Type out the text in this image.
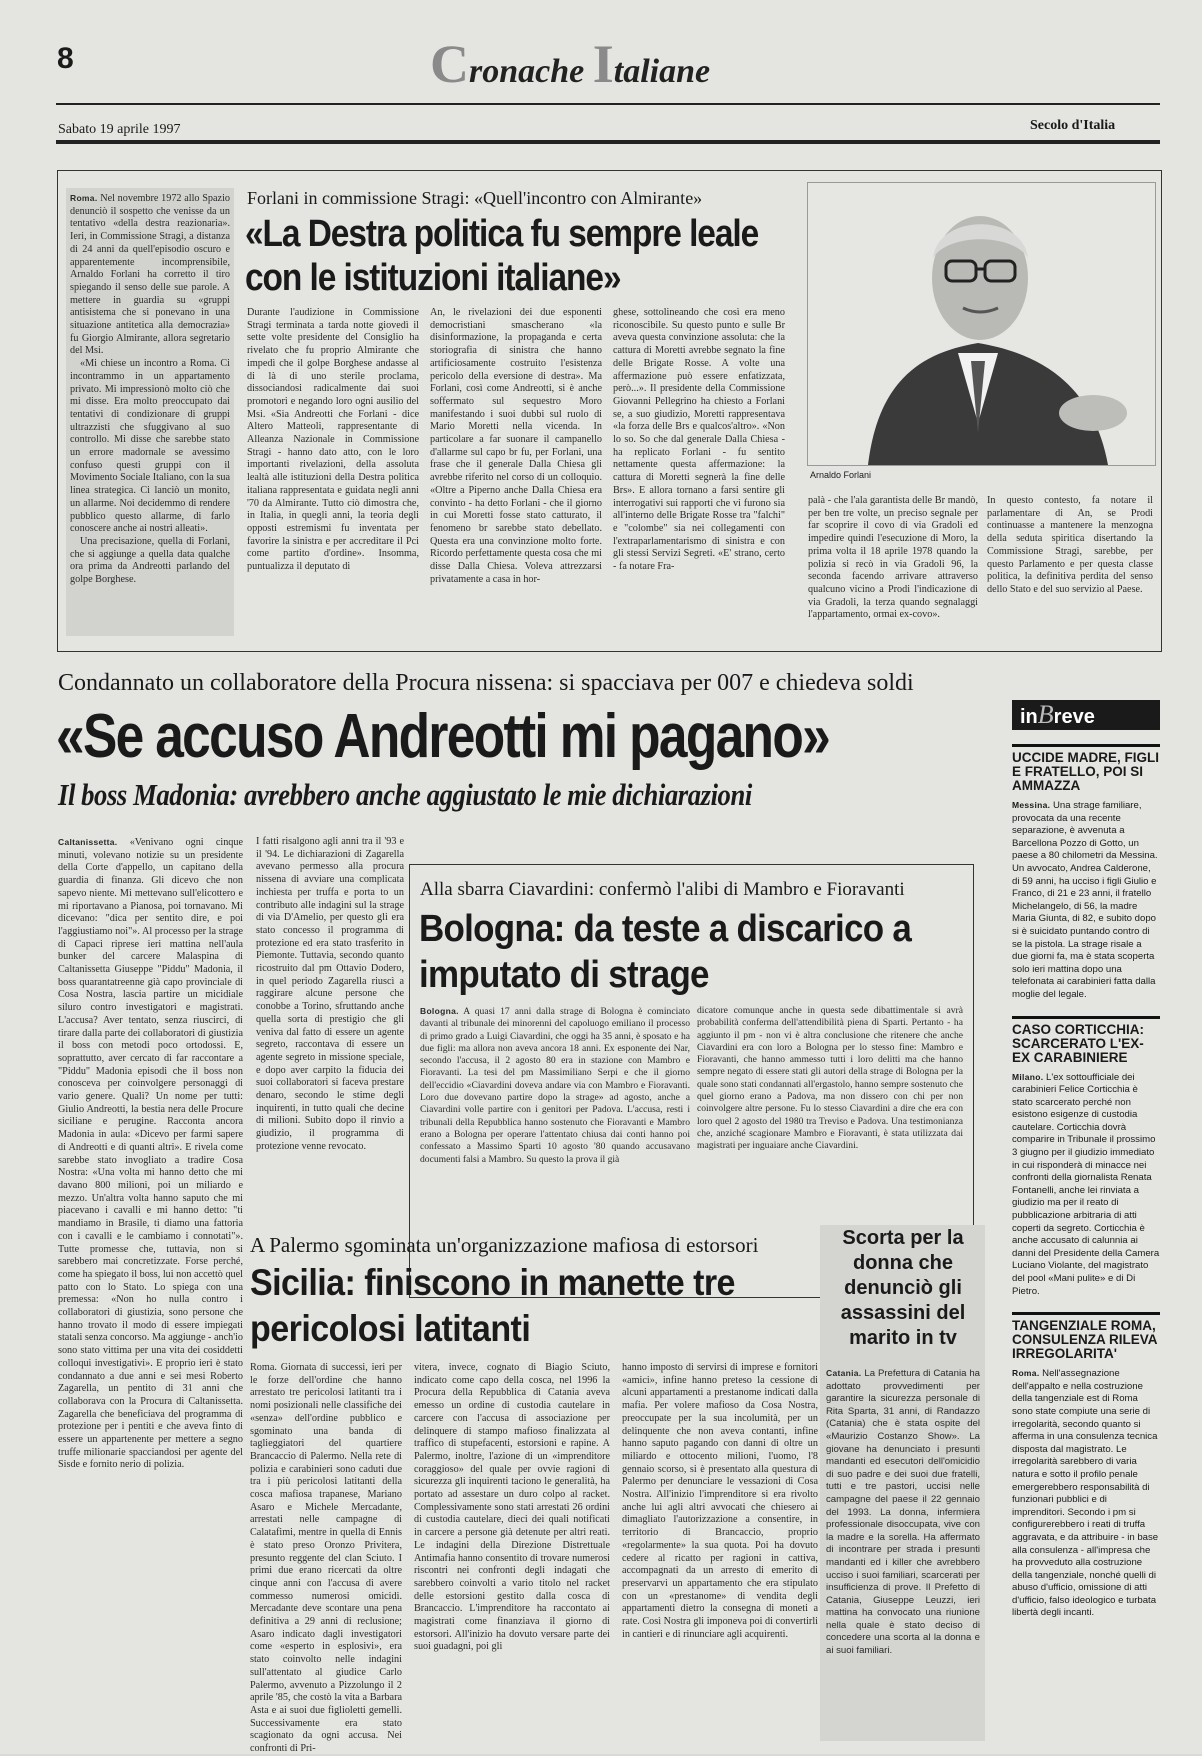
8	Cronache Italiane
Sabato 19 aprile 1997	Secolo d'Italia

Roma. Nel novembre 1972 allo Spazio denunciò il sospetto che venisse da un tentativo «della destra reazionaria». Ieri, in Commissione Stragi, a distanza di 24 anni da quell'episodio oscuro e apparentemente incomprensibile, Arnaldo Forlani ha corretto il tiro spiegando il senso delle sue parole. A mettere in guardia su «gruppi antisistema che si ponevano in una situazione antitetica alla democrazia» fu Giorgio Almirante, allora segretario del Msi.

«Mi chiese un incontro a Roma. Ci incontrammo in un appartamento privato. Mi impressionò molto ciò che mi disse. Era molto preoccupato dai tentativi di condizionare di gruppi ultrazzisti che sfuggivano al suo controllo. Mi disse che sarebbe stato un errore madornale se avessimo confuso questi gruppi con il Movimento Sociale Italiano, con la sua linea strategica. Ci lanciò un monito, un allarme. Noi decidemmo di rendere pubblico questo allarme, di farlo conoscere anche ai nostri alleati».

Una precisazione, quella di Forlani, che si aggiunge a quella data qualche ora prima da Andreotti parlando del golpe Borghese.

Forlani in commissione Stragi: «Quell'incontro con Almirante»
«La Destra politica fu sempre leale con le istituzioni italiane»
Durante l'audizione in Commissione Stragi terminata a tarda notte giovedì il sette volte presidente del Consiglio ha rivelato che fu proprio Almirante che impedì che il golpe Borghese andasse al di là di uno sterile proclama, dissociandosi radicalmente dai suoi promotori e negando loro ogni ausilio del Msi. «Sia Andreotti che Forlani - dice Altero Matteoli, rappresentante di Alleanza Nazionale in Commissione Stragi - hanno dato atto, con le loro importanti rivelazioni, della assoluta lealtà alle istituzioni della Destra politica italiana rappresentata e guidata negli anni '70 da Almirante. Tutto ciò dimostra che, in Italia, in quegli anni, la teoria degli opposti estremismi fu inventata per favorire la sinistra e per accreditare il Pci come partito d'ordine». Insomma, puntualizza il deputato di
An, le rivelazioni dei due esponenti democristiani smascherano «la disinformazione, la propaganda e certa storiografia di sinistra che hanno artificiosamente costruito l'esistenza pericolo della eversione di destra». Ma Forlani, così come Andreotti, si è anche soffermato sul sequestro Moro manifestando i suoi dubbi sul ruolo di Mario Moretti nella vicenda. In particolare a far suonare il campanello d'allarme sul capo br fu, per Forlani, una frase che il generale Dalla Chiesa gli avrebbe riferito nel corso di un colloquio. «Oltre a Piperno anche Dalla Chiesa era convinto - ha detto Forlani - che il giorno in cui Moretti fosse stato catturato, il fenomeno br sarebbe stato debellato. Questa era una convinzione molto forte. Ricordo perfettamente questa cosa che mi disse Dalla Chiesa. Voleva attrezzarsi privatamente a casa in hor-
ghese, sottolineando che così era meno riconoscibile. Su questo punto e sulle Br aveva questa convinzione assoluta: che la cattura di Moretti avrebbe segnato la fine delle Brigate Rosse. A volte una affermazione può essere enfatizzata, però...». Il presidente della Commissione Giovanni Pellegrino ha chiesto a Forlani se, a suo giudizio, Moretti rappresentava «la forza delle Brs e qualcos'altro». «Non lo so. So che dal generale Dalla Chiesa - ha replicato Forlani - fu sentito nettamente questa affermazione: la cattura di Moretti segnerà la fine delle Brs». E allora tornano a farsi sentire gli interrogativi sui rapporti che vi furono sia all'interno delle Brigate Rosse tra "falchi" e "colombe" sia nei collegamenti con l'extraparlamentarismo di sinistra e con gli stessi Servizi Segreti. «E' strano, certo - fa notare Fra-
Arnaldo Forlani
palà - che l'ala garantista delle Br mandò, per ben tre volte, un preciso segnale per far scoprire il covo di via Gradoli ed impedire quindi l'esecuzione di Moro, la prima volta il 18 aprile 1978 quando la polizia si recò in via Gradoli 96, la seconda facendo arrivare attraverso qualcuno vicino a Prodi l'indicazione di via Gradoli, la terza quando segnalaggi l'appartamento, ormai ex-covo».
In questo contesto, fa notare il parlamentare di An, se Prodi continuasse a mantenere la menzogna della seduta spiritica disertando la Commissione Stragi, sarebbe, per questo Parlamento e per questa classe politica, la definitiva perdita del senso dello Stato e del suo servizio al Paese.
Condannato un collaboratore della Procura nissena: si spacciava per 007 e chiedeva soldi
«Se accuso Andreotti mi pagano»
Il boss Madonia: avrebbero anche aggiustato le mie dichiarazioni

Caltanissetta. «Venivano ogni cinque minuti, volevano notizie su un presidente della Corte d'appello, un capitano della guardia di finanza. Gli dicevo che non sapevo niente. Mi mettevano sull'elicottero e mi riportavano a Pianosa, poi tornavano. Mi dicevano: "dica per sentito dire, e poi l'aggiustiamo noi"». Al processo per la strage di Capaci riprese ieri mattina nell'aula bunker del carcere Malaspina di Caltanissetta Giuseppe "Piddu" Madonia, il boss quarantatreenne già capo provinciale di Cosa Nostra, lascia partire un micidiale siluro contro investigatori e magistrati. L'accusa? Aver tentato, senza riuscirci, di tirare dalla parte dei collaboratori di giustizia il boss con metodi poco ortodossi. E, soprattutto, aver cercato di far raccontare a "Piddu" Madonia episodi che il boss non conosceva per coinvolgere personaggi di vario genere. Quali? Un nome per tutti: Giulio Andreotti, la bestia nera delle Procure siciliane e perugine. Racconta ancora Madonia in aula: «Dicevo per farmi sapere di Andreotti e di quanti altri». E rivela come sarebbe stato invogliato a tradire Cosa Nostra: «Una volta mi hanno detto che mi davano 800 milioni, poi un miliardo e mezzo. Un'altra volta hanno saputo che mi piacevano i cavalli e mi hanno detto: "ti mandiamo in Brasile, ti diamo una fattoria con i cavalli e le cambiamo i connotati"». Tutte promesse che, tuttavia, non si sarebbero mai concretizzate. Forse perché, come ha spiegato il boss, lui non accettò quel patto con lo Stato. Lo spiega con una premessa: «Non ho nulla contro i collaboratori di giustizia, sono persone che hanno trovato il modo di essere impiegati statali senza concorso. Ma aggiunge - anch'io sono stato vittima per una vita dei cosiddetti colloqui investigativi». E proprio ieri è stato condannato a due anni e sei mesi Roberto Zagarella, un pentito di 31 anni che collaborava con la Procura di Caltanissetta. Zagarella che beneficiava del programma di protezione per i pentiti e che aveva finto di essere un appartenente per mettere a segno truffe milionarie spacciandosi per agente del Sisde e fornito nerio di polizia.

I fatti risalgono agli anni tra il '93 e il '94. Le dichiarazioni di Zagarella avevano permesso alla procura nissena di avviare una complicata inchiesta per truffa e porta to un contributo alle indagini sul la strage di via D'Amelio, per questo gli era stato concesso il programma di protezione ed era stato trasferito in Piemonte. Tuttavia, secondo quanto ricostruito dal pm Ottavio Dodero, in quel periodo Zagarella riuscì a raggirare alcune persone che conobbe a Torino, sfruttando anche quella sorta di prestigio che gli veniva dal fatto di essere un agente segreto, raccontava di essere un agente segreto in missione speciale, e dopo aver carpito la fiducia dei suoi collaboratori si faceva prestare denaro, secondo le stime degli inquirenti, in tutto quali che decine di milioni. Subito dopo il rinvio a giudizio, il programma di protezione venne revocato.
Alla sbarra Ciavardini: confermò l'alibi di Mambro e Fioravanti
Bologna: da teste a discarico a imputato di strage

Bologna. A quasi 17 anni dalla strage di Bologna è cominciato davanti al tribunale dei minorenni del capoluogo emiliano il processo di primo grado a Luigi Ciavardini, che oggi ha 35 anni, è sposato e ha due figli: ma allora non aveva ancora 18 anni. Ex esponente dei Nar, secondo l'accusa, il 2 agosto 80 era in stazione con Mambro e Fioravanti. La tesi del pm Massimiliano Serpi e che il giorno dell'eccidio «Ciavardini doveva andare via con Mambro e Fioravanti. Loro due dovevano partire dopo la strage» ad agosto, anche a Ciavardini volle partire con i genitori per Padova. L'accusa, resti i tribunali della Repubblica hanno sostenuto che Fioravanti e Mambro erano a Bologna per operare l'attentato chiusa dai conti hanno poi confessato a Massimo Sparti 10 agosto '80 quando accusavano documenti falsi a Mambro. Su questo la prova il già

dicatore comunque anche in questa sede dibattimentale si avrà probabilità conferma dell'attendibilità piena di Sparti. Pertanto - ha aggiunto il pm - non vi è altra conclusione che ritenere che anche Ciavardini era con loro a Bologna per lo stesso fine: Mambro e Fioravanti, che hanno ammesso tutti i loro delitti ma che hanno sempre negato di essere stati gli autori della strage di Bologna per la quale sono stati condannati all'ergastolo, hanno sempre sostenuto che quel giorno erano a Padova, ma non dissero con chi per non coinvolgere altre persone. Fu lo stesso Ciavardini a dire che era con loro quel 2 agosto del 1980 tra Treviso e Padova. Una testimonianza che, anziché scagionare Mambro e Fioravanti, è stata utilizzata dai magistrati per inguaiare anche Ciavardini.
A Palermo sgominata un'organizzazione mafiosa di estorsori
Sicilia: finiscono in manette tre pericolosi latitanti
Roma. Giornata di successi, ieri per le forze dell'ordine che hanno arrestato tre pericolosi latitanti tra i nomi posizionali nelle classifiche dei «senza» dell'ordine pubblico e sgominato una banda di taglieggiatori del quartiere Brancaccio di Palermo. Nella rete di polizia e carabinieri sono caduti due tra i più pericolosi latitanti della cosca mafiosa trapanese, Mariano Asaro e Michele Mercadante, arrestati nelle campagne di Calatafimi, mentre in quella di Ennis è stato preso Oronzo Privitera, presunto reggente del clan Sciuto. I primi due erano ricercati da oltre cinque anni con l'accusa di avere commesso numerosi omicidi. Mercadante deve scontare una pena definitiva a 29 anni di reclusione; Asaro indicato dagli investigatori come «esperto in esplosivi», era stato coinvolto nelle indagini sull'attentato al giudice Carlo Palermo, avvenuto a Pizzolungo il 2 aprile '85, che costò la vita a Barbara Asta e ai suoi due figlioletti gemelli. Successivamente era stato scagionato da ogni accusa. Nei confronti di Pri-
vitera, invece, cognato di Biagio Sciuto, indicato come capo della cosca, nel 1996 la Procura della Repubblica di Catania aveva emesso un ordine di custodia cautelare in carcere con l'accusa di associazione per delinquere di stampo mafioso finalizzata al traffico di stupefacenti, estorsioni e rapine. A Palermo, inoltre, l'azione di un «imprenditore coraggioso» del quale per ovvie ragioni di sicurezza gli inquirenti taciono le generalità, ha portato ad assestare un duro colpo al racket. Complessivamente sono stati arrestati 26 ordini di custodia cautelare, dieci dei quali notificati in carcere a persone già detenute per altri reati. Le indagini della Direzione Distrettuale Antimafia hanno consentito di trovare numerosi riscontri nei confronti degli indagati che sarebbero coinvolti a vario titolo nel racket delle estorsioni gestito dalla cosca di Brancaccio. L'imprenditore ha raccontato ai magistrati come finanziava il giorno di estorsori. All'inizio ha dovuto versare parte dei suoi guadagni, poi gli
hanno imposto di servirsi di imprese e fornitori «amici», infine hanno preteso la cessione di alcuni appartamenti a prestanome indicati dalla mafia. Per volere mafioso da Cosa Nostra, preoccupate per la sua incolumità, per un delinquente che non aveva contanti, infine hanno saputo pagando con danni di oltre un miliardo e ottocento milioni, l'uomo, l'8 gennaio scorso, si è presentato alla questura di Palermo per denunciare le vessazioni di Cosa Nostra. All'inizio l'imprenditore si era rivolto anche lui agli altri avvocati che chiesero ai dimagliato l'autorizzazione a consentire, in territorio di Brancaccio, proprio «regolarmente» la sua quota. Poi ha dovuto cedere al ricatto per ragioni in cattiva, accompagnati da un arresto di emerito di preservarvi un appartamento che era stipulato con un «prestanome» di vendita degli appartamenti dietro la consegna di moneti a rate. Così Nostra gli imponeva poi di convertirli in cantieri e di rinunciare agli acquirenti.
Scorta per la donna che denunciò gli assassini del marito in tv

Catania. La Prefettura di Catania ha adottato provvedimenti per garantire la sicurezza personale di Rita Sparta, 31 anni, di Randazzo (Catania) che è stata ospite del «Maurizio Costanzo Show». La giovane ha denunciato i presunti mandanti ed esecutori dell'omicidio di suo padre e dei suoi due fratelli, tutti e tre pastori, uccisi nelle campagne del paese il 22 gennaio del 1993. La donna, infermiera professionale disoccupata, vive con la madre e la sorella. Ha affermato di incontrare per strada i presunti mandanti ed i killer che avrebbero ucciso i suoi familiari, scarcerati per insufficienza di prove. Il Prefetto di Catania, Giuseppe Leuzzi, ieri mattina ha convocato una riunione nella quale è stato deciso di concedere una scorta al la donna e ai suoi familiari.

inBreve
UCCIDE MADRE, FIGLI E FRATELLO, POI SI AMMAZZA
Messina. Una strage familiare, provocata da una recente separazione, è avvenuta a Barcellona Pozzo di Gotto, un paese a 80 chilometri da Messina. Un avvocato, Andrea Calderone, di 59 anni, ha ucciso i figli Giulio e Franco, di 21 e 23 anni, il fratello Michelangelo, di 56, la madre Maria Giunta, di 82, e subito dopo si è suicidato puntando contro di se la pistola. La strage risale a due giorni fa, ma è stata scoperta solo ieri mattina dopo una telefonata ai carabinieri fatta dalla moglie del legale.
CASO CORTICCHIA: SCARCERATO L'EX-EX CARABINIERE
Milano. L'ex sottoufficiale dei carabinieri Felice Corticchia è stato scarcerato perché non esistono esigenze di custodia cautelare. Corticchia dovrà comparire in Tribunale il prossimo 3 giugno per il giudizio immediato in cui risponderà di minacce nei confronti della giornalista Renata Fontanelli, anche lei rinviata a giudizio ma per il reato di pubblicazione arbitraria di atti coperti da segreto. Corticchia è anche accusato di calunnia ai danni del Presidente della Camera Luciano Violante, del magistrato del pool «Mani pulite» e di Di Pietro.
TANGENZIALE ROMA, CONSULENZA RILEVA IRREGOLARITA'
Roma. Nell'assegnazione dell'appalto e nella costruzione della tangenziale est di Roma sono state compiute una serie di irregolarità, secondo quanto si afferma in una consulenza tecnica disposta dal magistrato. Le irregolarità sarebbero di varia natura e sotto il profilo penale emergerebbero responsabilità di funzionari pubblici e di imprenditori. Secondo i pm si configurerebbero i reati di truffa aggravata, e da attribuire - in base alla consulenza - all'impresa che ha provveduto alla costruzione della tangenziale, nonché quelli di abuso d'ufficio, omissione di atti d'ufficio, falso ideologico e turbata libertà degli incanti.
